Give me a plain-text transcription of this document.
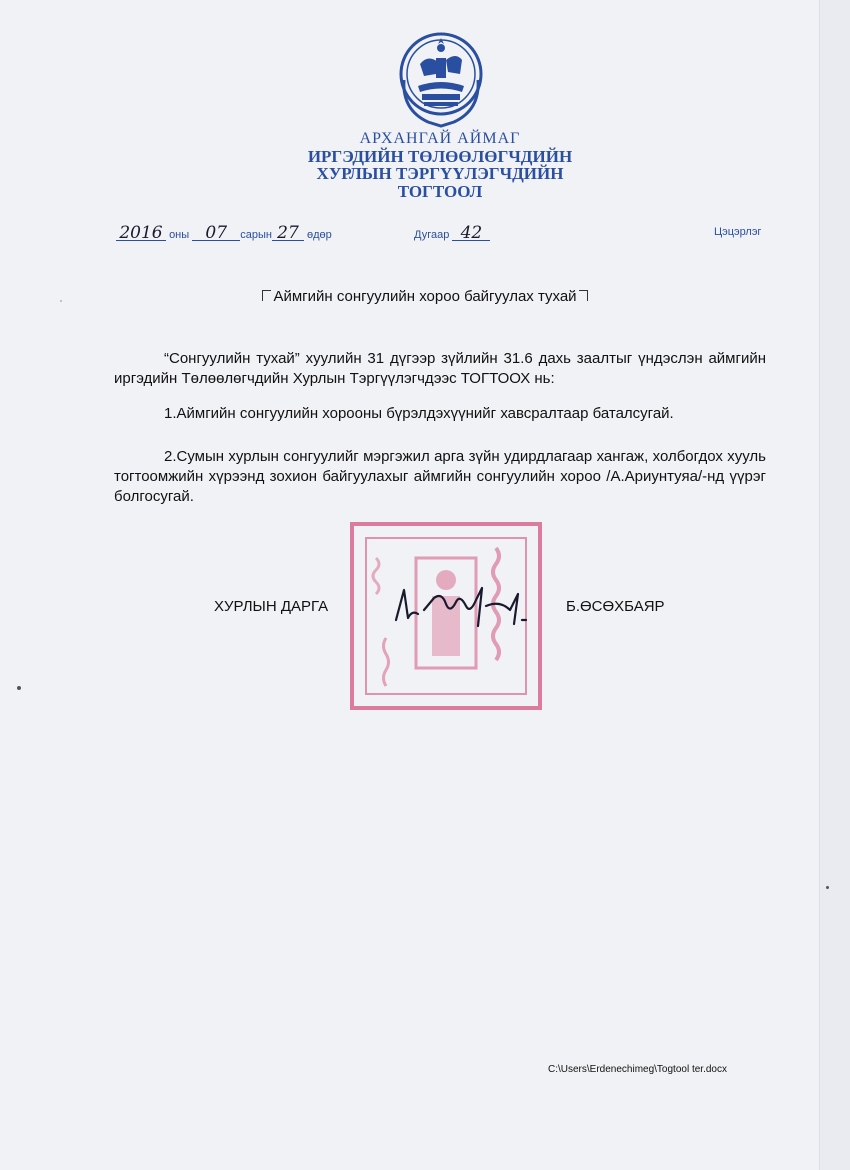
АРХАНГАЙ АЙМАГ
ИРГЭДИЙН ТӨЛӨӨЛӨГЧДИЙН
ХУРЛЫН ТЭРГҮҮЛЭГЧДИЙН
ТОГТООЛ
2016 оны 07 сарын 27 өдөр	Дугаар 42	Цэцэрлэг
Аймгийн сонгуулийн хороо байгуулах тухай
“Сонгуулийн тухай” хуулийн 31 дүгээр зүйлийн 31.6 дахь заалтыг үндэслэн аймгийн иргэдийн Төлөөлөгчдийн Хурлын Тэргүүлэгчдээс ТОГТООХ нь:
1.Аймгийн сонгуулийн хорооны бүрэлдэхүүнийг хавсралтаар баталсугай.
2.Сумын хурлын сонгуулийг мэргэжил арга зүйн удирдлагаар хангаж, холбогдох хууль тогтоомжийн хүрээнд зохион байгуулахыг аймгийн сонгуулийн хороо /А.Ариунтуяа/-нд үүрэг болгосугай.
ХУРЛЫН ДАРГА	Б.ӨСӨХБАЯР
C:\Users\Erdenechimeg\Togtool ter.docx
